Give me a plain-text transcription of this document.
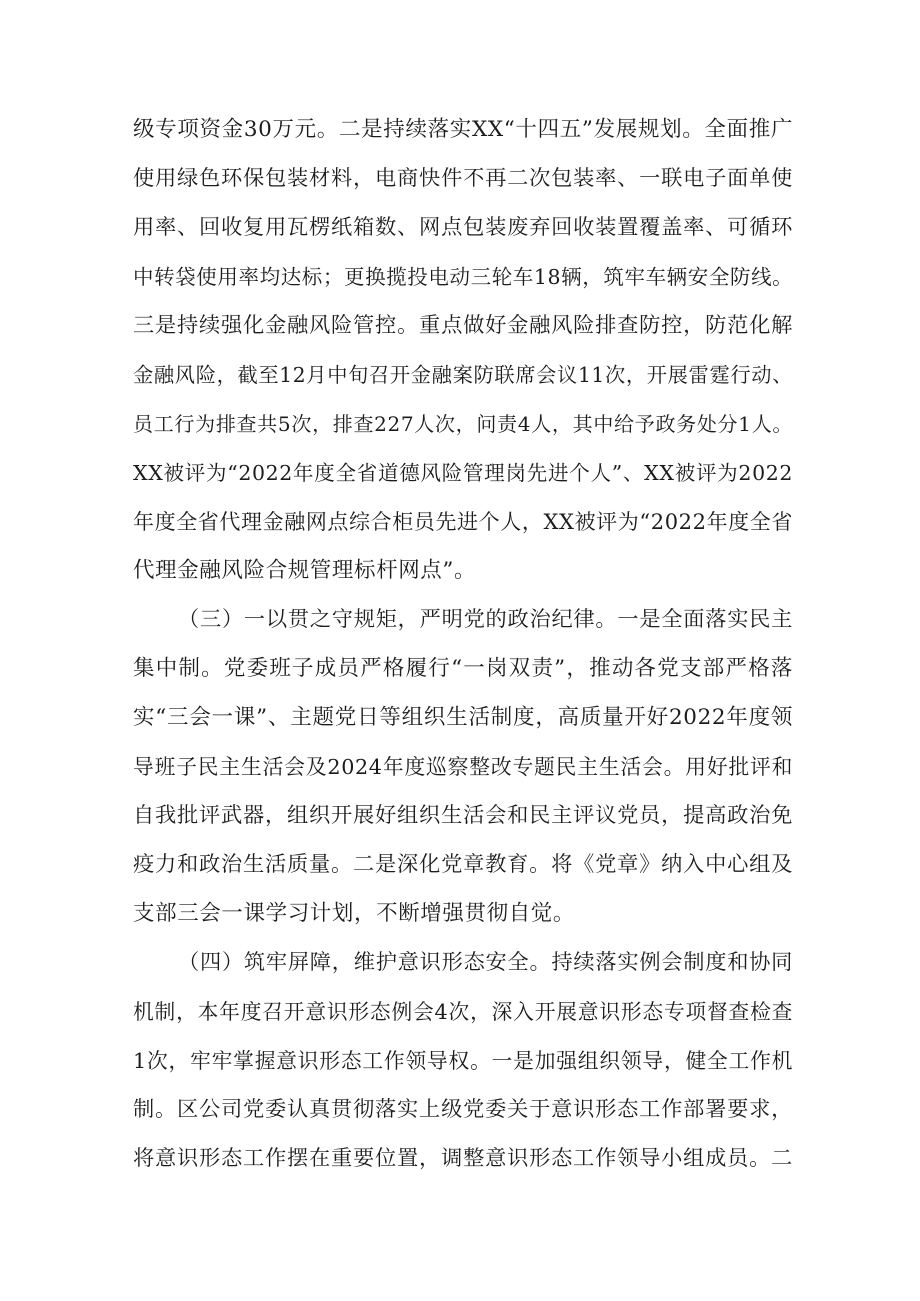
级专项资金30万元。二是持续落实XX“十四五”发展规划。全面推广
使用绿色环保包装材料，电商快件不再二次包装率、一联电子面单使
用率、回收复用瓦楞纸箱数、网点包装废弃回收装置覆盖率、可循环
中转袋使用率均达标；更换揽投电动三轮车18辆，筑牢车辆安全防线。
三是持续强化金融风险管控。重点做好金融风险排查防控，防范化解
金融风险，截至12月中旬召开金融案防联席会议11次，开展雷霆行动、
员工行为排查共5次，排查227人次，问责4人，其中给予政务处分1人。
XX被评为“2022年度全省道德风险管理岗先进个人”、XX被评为2022
年度全省代理金融网点综合柜员先进个人，XX被评为“2022年度全省
代理金融风险合规管理标杆网点”。
（三）一以贯之守规矩，严明党的政治纪律。一是全面落实民主
集中制。党委班子成员严格履行“一岗双责”，推动各党支部严格落
实“三会一课”、主题党日等组织生活制度，高质量开好2022年度领
导班子民主生活会及2024年度巡察整改专题民主生活会。用好批评和
自我批评武器，组织开展好组织生活会和民主评议党员，提高政治免
疫力和政治生活质量。二是深化党章教育。将《党章》纳入中心组及
支部三会一课学习计划，不断增强贯彻自觉。
（四）筑牢屏障，维护意识形态安全。持续落实例会制度和协同
机制，本年度召开意识形态例会4次，深入开展意识形态专项督查检查
1次，牢牢掌握意识形态工作领导权。一是加强组织领导，健全工作机
制。区公司党委认真贯彻落实上级党委关于意识形态工作部署要求，
将意识形态工作摆在重要位置，调整意识形态工作领导小组成员。二
